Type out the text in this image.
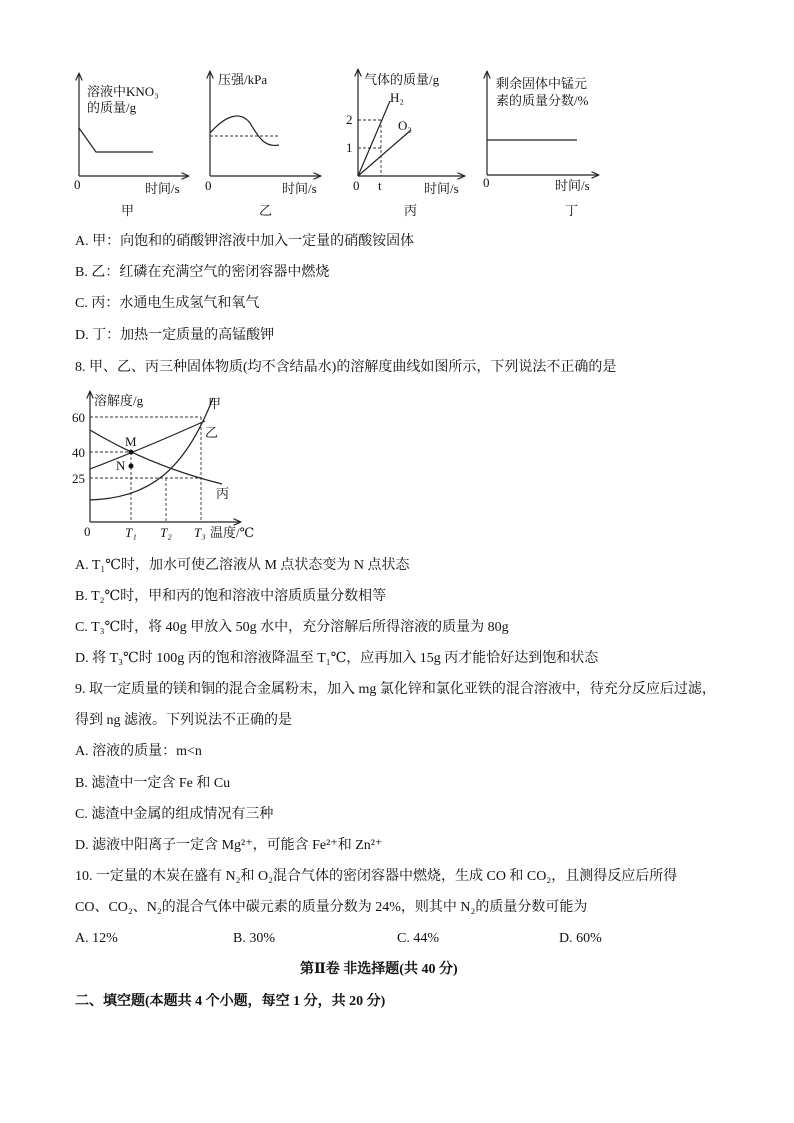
溶液中KNO₃
的质量/g
0	时间/s
甲
压强/kPa
0	时间/s
乙
气体的质量/g
2
1
0 t	时间/s
H₂
O₂
丙
剩余固体中锰元
素的质量分数/%
0	时间/s
丁
溶解度/g
60
40
25
0	T₁ T₂ T₃ 温度/℃
M
N
甲
乙
丙
A. 甲：向饱和的硝酸钾溶液中加入一定量的硝酸铵固体
B. 乙：红磷在充满空气的密闭容器中燃烧
C. 丙：水通电生成氢气和氧气
D. 丁：加热一定质量的高锰酸钾
8. 甲、乙、丙三种固体物质(均不含结晶水)的溶解度曲线如图所示，下列说法不正确的是
A. T₁℃时，加水可使乙溶液从 M 点状态变为 N 点状态
B. T₂℃时，甲和丙的饱和溶液中溶质质量分数相等
C. T₃℃时，将 40g 甲放入 50g 水中，充分溶解后所得溶液的质量为 80g
D. 将 T₃℃时 100g 丙的饱和溶液降温至 T₁℃，应再加入 15g 丙才能恰好达到饱和状态
9. 取一定质量的镁和铜的混合金属粉末，加入 mg 氯化锌和氯化亚铁的混合溶液中，待充分反应后过滤，
得到 ng 滤液。下列说法不正确的是
A. 溶液的质量：m<n
B. 滤渣中一定含 Fe 和 Cu
C. 滤渣中金属的组成情况有三种
D. 滤液中阳离子一定含 Mg²⁺，可能含 Fe²⁺和 Zn²⁺
10. 一定量的木炭在盛有 N₂和 O₂混合气体的密闭容器中燃烧，生成 CO 和 CO₂，且测得反应后所得
CO、CO₂、N₂的混合气体中碳元素的质量分数为 24%，则其中 N₂的质量分数可能为
A. 12%	B. 30%	C. 44%	D. 60%
第Ⅱ卷 非选择题(共 40 分)
二、填空题(本题共 4 个小题，每空 1 分，共 20 分)
